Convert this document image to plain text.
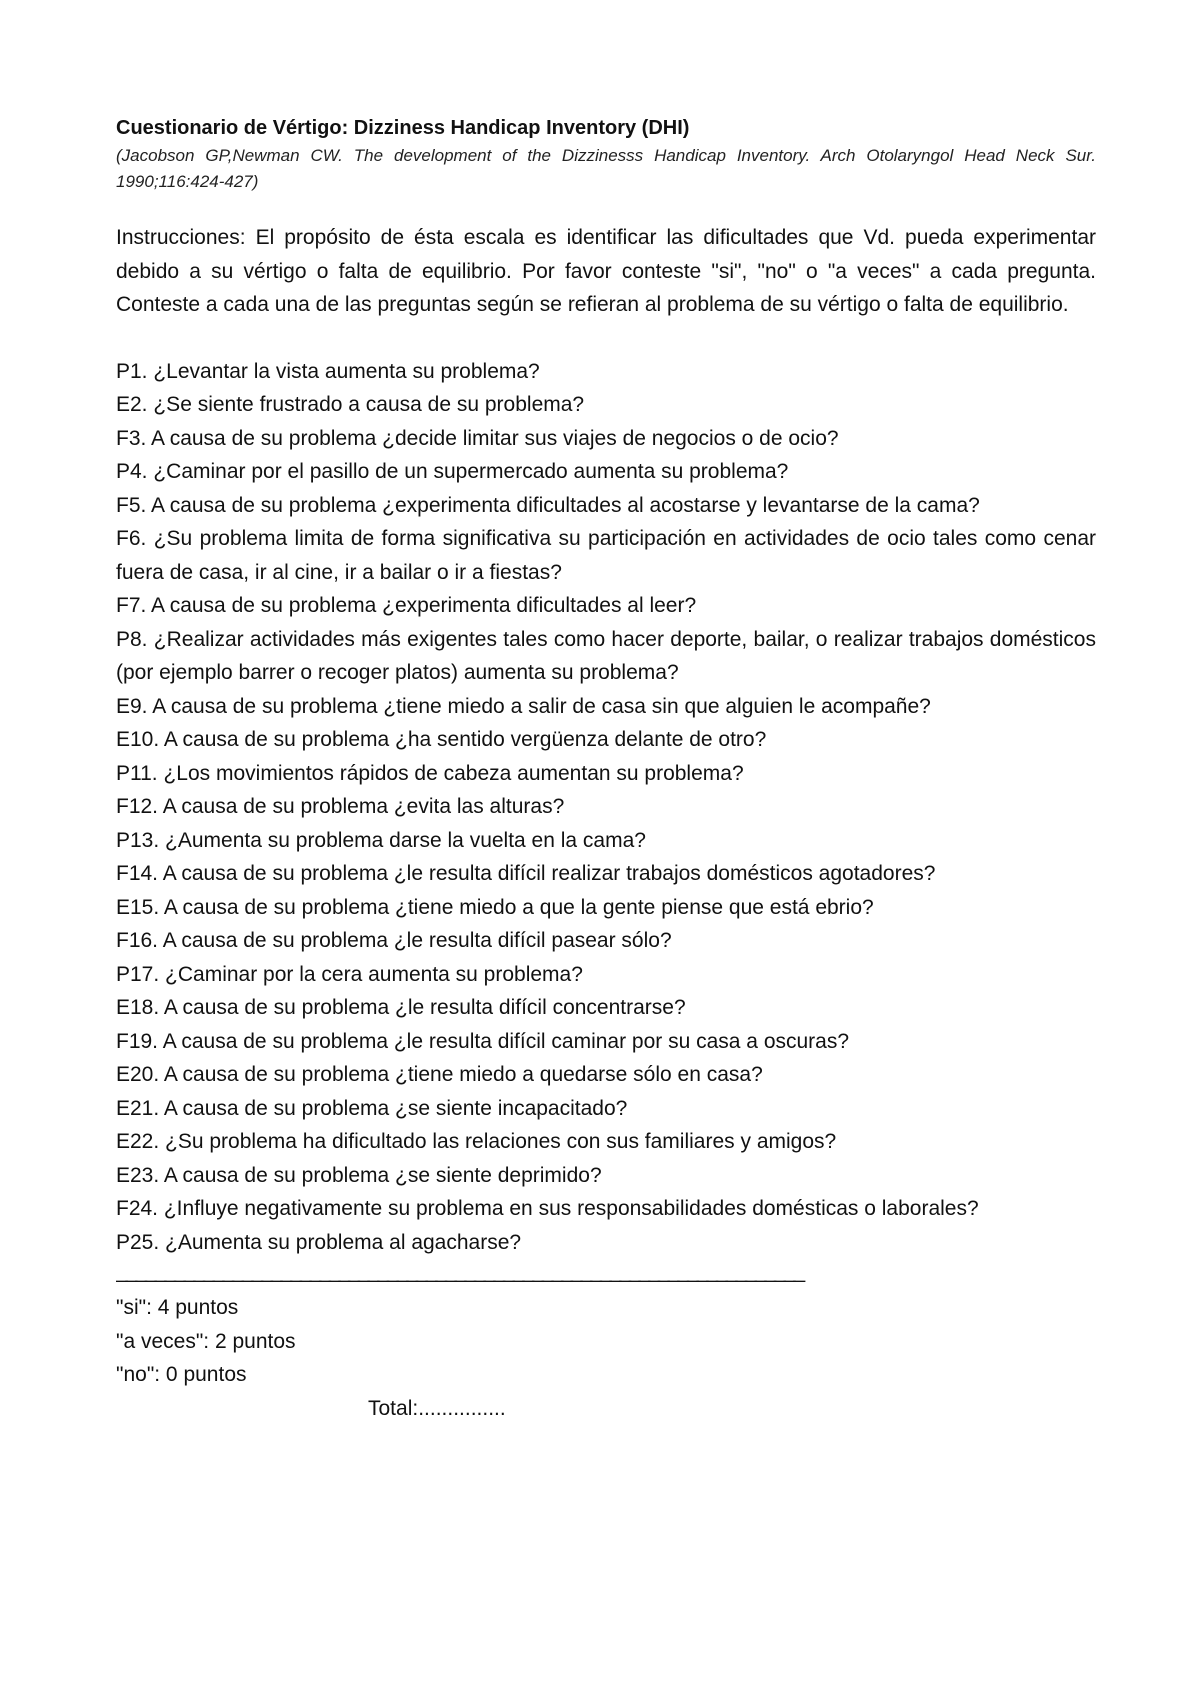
Cuestionario de Vértigo: Dizziness Handicap Inventory (DHI)

(Jacobson GP,Newman CW. The development of the Dizzinesss Handicap Inventory. Arch Otolaryngol Head Neck Sur. 1990;116:424-427)

Instrucciones: El propósito de ésta escala es identificar las dificultades que Vd. pueda experimentar debido a su vértigo o falta de equilibrio. Por favor conteste "si", "no" o "a veces" a cada pregunta. Conteste a cada una de las preguntas según se refieran al problema de su vértigo o falta de equilibrio.

P1. ¿Levantar la vista aumenta su problema?
E2. ¿Se siente frustrado a causa de su problema?
F3. A causa de su problema ¿decide limitar sus viajes de negocios o de ocio?
P4. ¿Caminar por el pasillo de un supermercado aumenta su problema?
F5. A causa de su problema ¿experimenta dificultades al acostarse y levantarse de la cama?
F6. ¿Su problema limita de forma significativa su participación en actividades de ocio tales como cenar fuera de casa, ir al cine, ir a bailar o ir a fiestas?
F7. A causa de su problema ¿experimenta dificultades al leer?
P8. ¿Realizar actividades más exigentes tales como hacer deporte, bailar, o realizar trabajos domésticos (por ejemplo barrer o recoger platos) aumenta su problema?
E9. A causa de su problema ¿tiene miedo a salir de casa sin que alguien le acompañe?
E10. A causa de su problema ¿ha sentido vergüenza delante de otro?
P11. ¿Los movimientos rápidos de cabeza aumentan su problema?
F12. A causa de su problema ¿evita las alturas?
P13. ¿Aumenta su problema darse la vuelta en la cama?
F14. A causa de su problema ¿le resulta difícil realizar trabajos domésticos agotadores?
E15. A causa de su problema ¿tiene miedo a que la gente piense que está ebrio?
F16. A causa de su problema ¿le resulta difícil pasear sólo?
P17. ¿Caminar por la cera aumenta su problema?
E18. A causa de su problema ¿le resulta difícil concentrarse?
F19. A causa de su problema ¿le resulta difícil caminar por su casa a oscuras?
E20. A causa de su problema ¿tiene miedo a quedarse sólo en casa?
E21. A causa de su problema ¿se siente incapacitado?
E22. ¿Su problema ha dificultado las relaciones con sus familiares y amigos?
E23. A causa de su problema ¿se siente deprimido?
F24. ¿Influye negativamente su problema en sus responsabilidades domésticas o laborales?
P25. ¿Aumenta su problema al agacharse?
_______________________________________________________________________
"si": 4 puntos
"a veces": 2 puntos
"no": 0 puntos
Total:...............
